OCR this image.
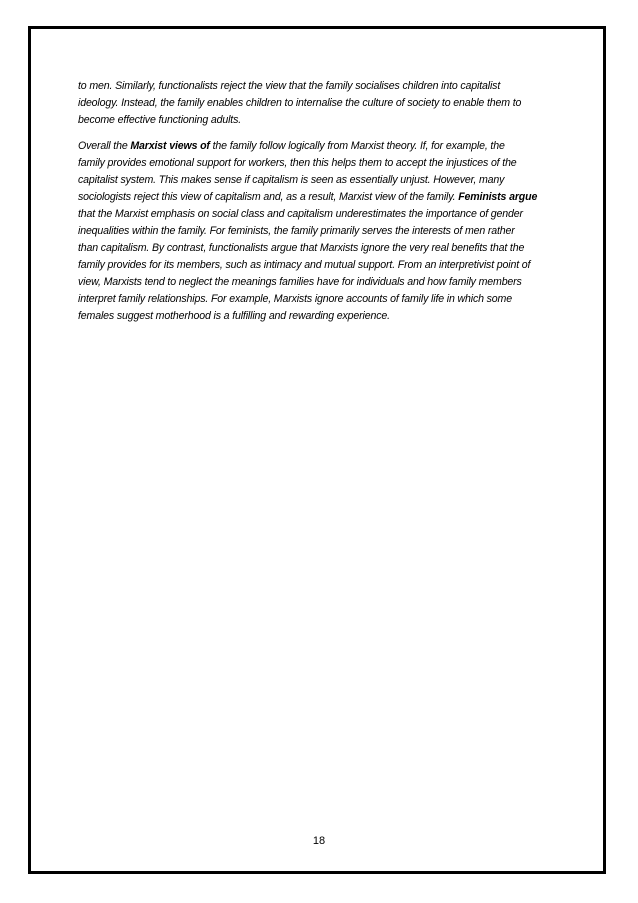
to men. Similarly, functionalists reject the view that the family socialises children into capitalist
ideology. Instead, the family enables children to internalise the culture of society to enable them to
become effective functioning adults.

Overall the Marxist views of the family follow logically from Marxist theory. If, for example, the
family provides emotional support for workers, then this helps them to accept the injustices of the
capitalist system. This makes sense if capitalism is seen as essentially unjust. However, many
sociologists reject this view of capitalism and, as a result, Marxist view of the family. Feminists argue
that the Marxist emphasis on social class and capitalism underestimates the importance of gender
inequalities within the family. For feminists, the family primarily serves the interests of men rather
than capitalism. By contrast, functionalists argue that Marxists ignore the very real benefits that the
family provides for its members, such as intimacy and mutual support. From an interpretivist point of
view, Marxists tend to neglect the meanings families have for individuals and how family members
interpret family relationships. For example, Marxists ignore accounts of family life in which some
females suggest motherhood is a fulfilling and rewarding experience.

18
